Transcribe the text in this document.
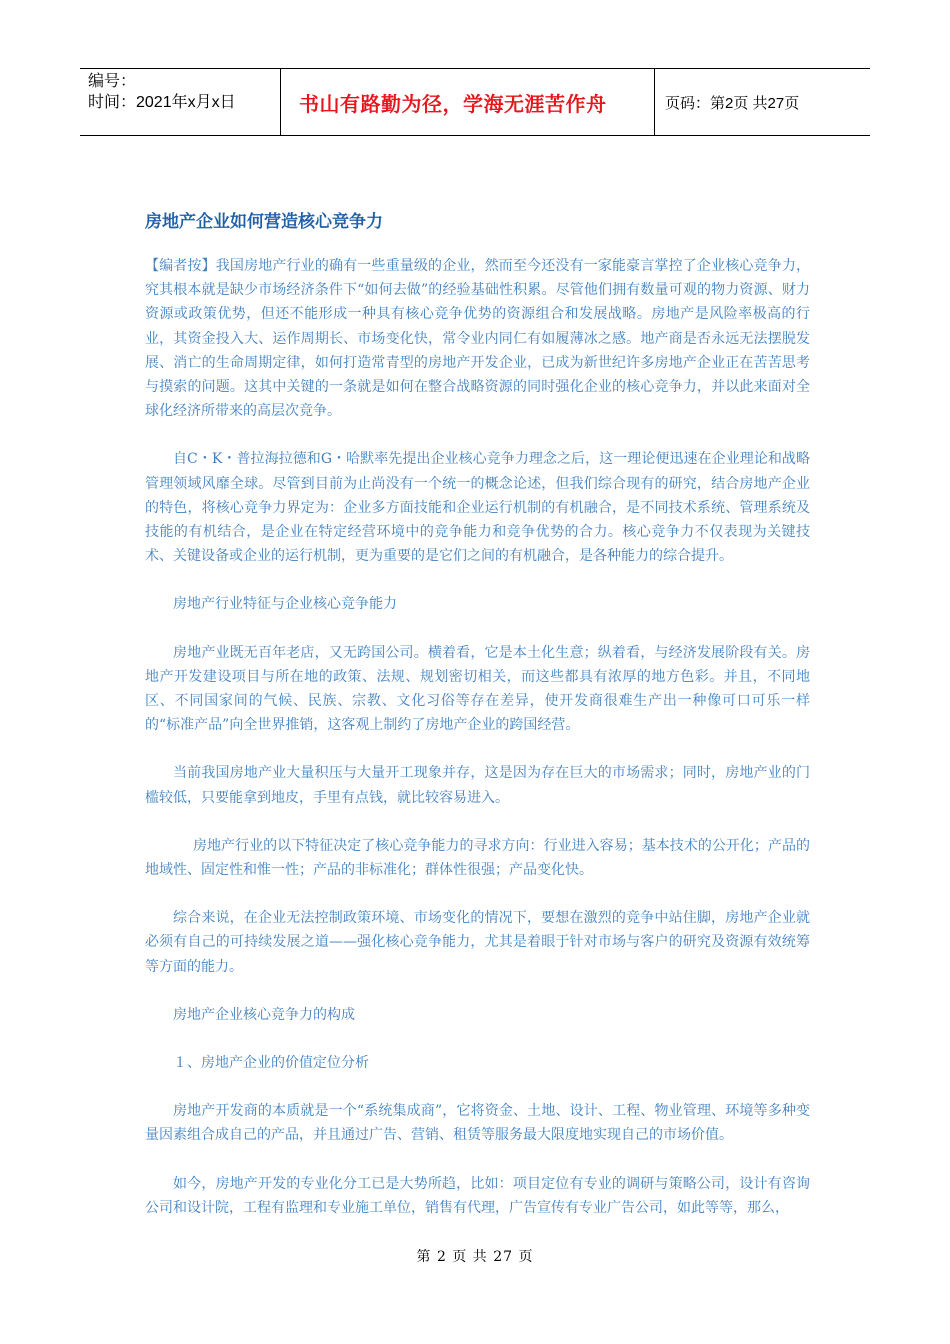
编号：
时间：2021年x月x日	书山有路勤为径，学海无涯苦作舟	页码：第2页 共27页
房地产企业如何营造核心竞争力

【编者按】我国房地产行业的确有一些重量级的企业，然而至今还没有一家能豪言掌控了企业核心竞争力，究其根本就是缺少市场经济条件下“如何去做”的经验基础性积累。尽管他们拥有数量可观的物力资源、财力资源或政策优势，但还不能形成一种具有核心竞争优势的资源组合和发展战略。房地产是风险率极高的行业，其资金投入大、运作周期长、市场变化快，常令业内同仁有如履薄冰之感。地产商是否永远无法摆脱发展、消亡的生命周期定律，如何打造常青型的房地产开发企业，已成为新世纪许多房地产企业正在苦苦思考与摸索的问题。这其中关键的一条就是如何在整合战略资源的同时强化企业的核心竞争力，并以此来面对全球化经济所带来的高层次竞争。

自C・K・普拉海拉德和G・哈默率先提出企业核心竞争力理念之后，这一理论便迅速在企业理论和战略管理领域风靡全球。尽管到目前为止尚没有一个统一的概念论述，但我们综合现有的研究，结合房地产企业的特色，将核心竞争力界定为：企业多方面技能和企业运行机制的有机融合，是不同技术系统、管理系统及技能的有机结合，是企业在特定经营环境中的竞争能力和竞争优势的合力。核心竞争力不仅表现为关键技术、关键设备或企业的运行机制，更为重要的是它们之间的有机融合，是各种能力的综合提升。

房地产行业特征与企业核心竞争能力

房地产业既无百年老店，又无跨国公司。横着看，它是本土化生意；纵着看，与经济发展阶段有关。房地产开发建设项目与所在地的政策、法规、规划密切相关，而这些都具有浓厚的地方色彩。并且，不同地区、不同国家间的气候、民族、宗教、文化习俗等存在差异，使开发商很难生产出一种像可口可乐一样的“标准产品”向全世界推销，这客观上制约了房地产企业的跨国经营。

当前我国房地产业大量积压与大量开工现象并存，这是因为存在巨大的市场需求；同时，房地产业的门槛较低，只要能拿到地皮，手里有点钱，就比较容易进入。

房地产行业的以下特征决定了核心竞争能力的寻求方向：行业进入容易；基本技术的公开化；产品的地域性、固定性和惟一性；产品的非标准化；群体性很强；产品变化快。

综合来说，在企业无法控制政策环境、市场变化的情况下，要想在激烈的竞争中站住脚，房地产企业就必须有自己的可持续发展之道——强化核心竞争能力，尤其是着眼于针对市场与客户的研究及资源有效统筹等方面的能力。

房地产企业核心竞争力的构成

１、房地产企业的价值定位分析

房地产开发商的本质就是一个“系统集成商”，它将资金、土地、设计、工程、物业管理、环境等多种变量因素组合成自己的产品，并且通过广告、营销、租赁等服务最大限度地实现自己的市场价值。

如今，房地产开发的专业化分工已是大势所趋，比如：项目定位有专业的调研与策略公司，设计有咨询公司和设计院，工程有监理和专业施工单位，销售有代理，广告宣传有专业广告公司，如此等等，那么，

第 2 页 共 27 页
